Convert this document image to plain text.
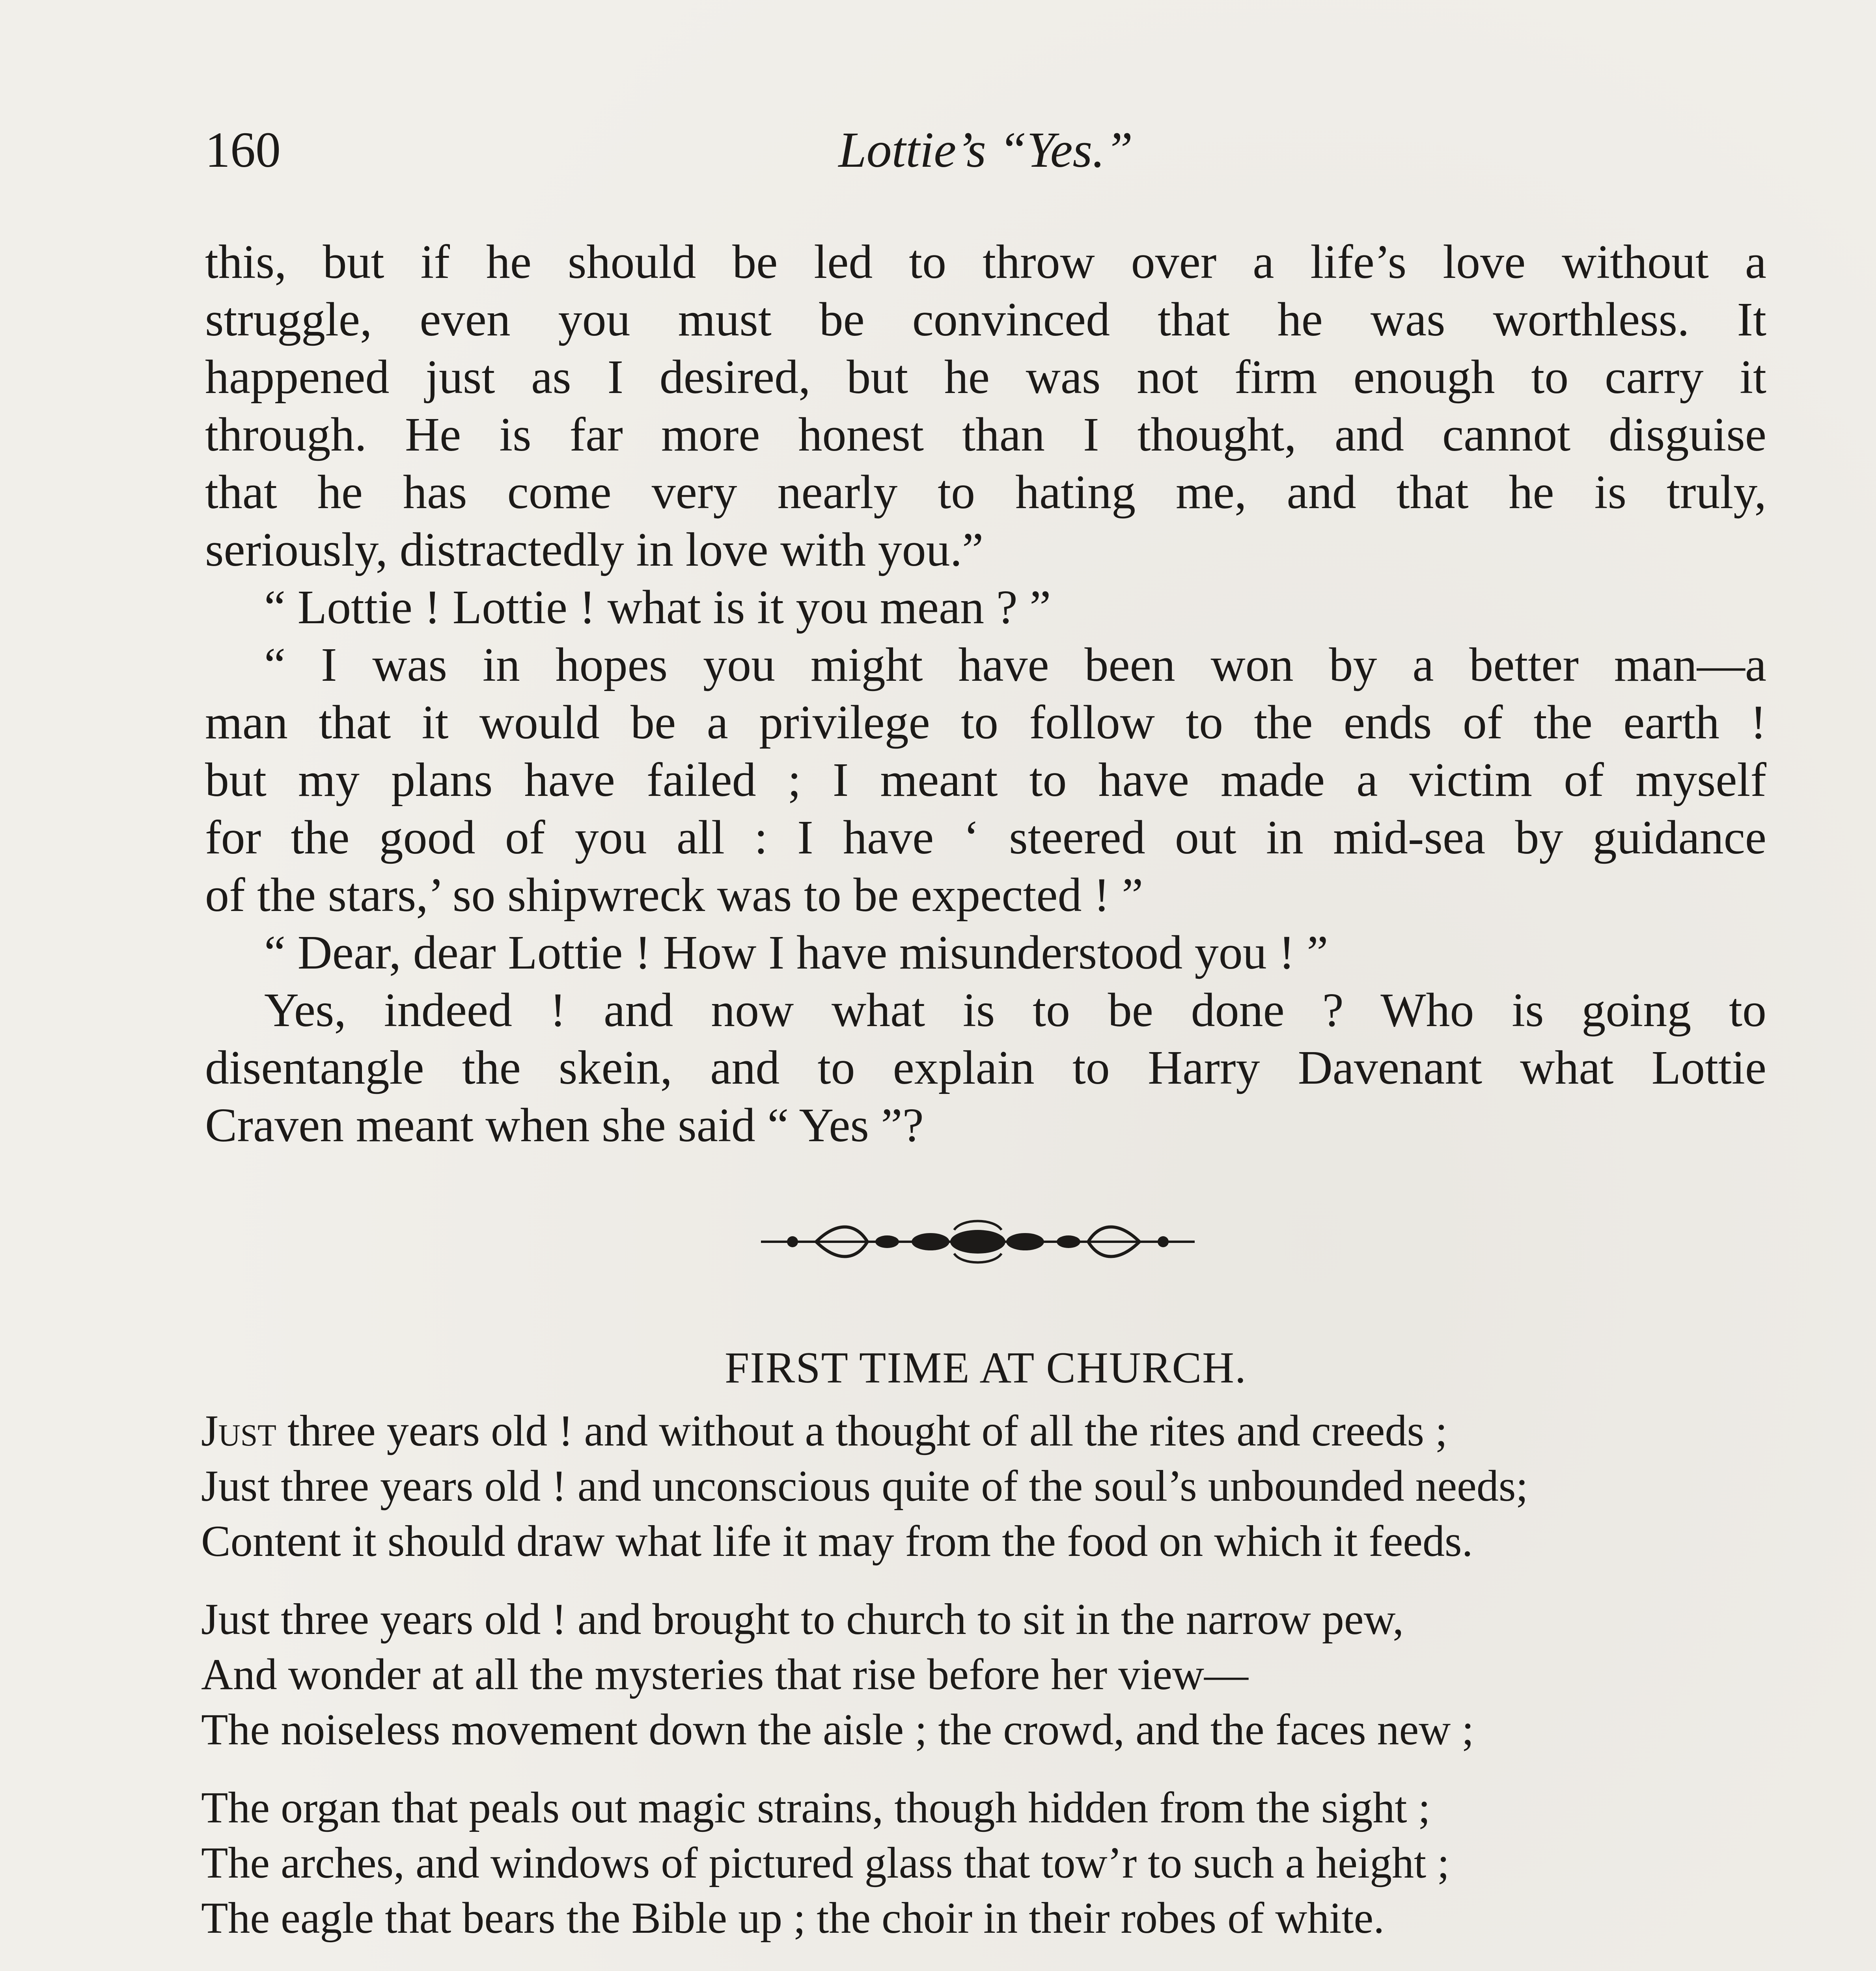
160	Lottie’s “Yes.”
this, but if he should be led to throw over a life’s love without a
struggle, even you must be convinced that he was worthless. It
happened just as I desired, but he was not firm enough to carry it
through. He is far more honest than I thought, and cannot disguise
that he has come very nearly to hating me, and that he is truly,
seriously, distractedly in love with you.”
“ Lottie ! Lottie ! what is it you mean ? ”
“ I was in hopes you might have been won by a better man—a
man that it would be a privilege to follow to the ends of the earth !
but my plans have failed ; I meant to have made a victim of myself
for the good of you all : I have ‘ steered out in mid-sea by guidance
of the stars,’ so shipwreck was to be expected ! ”
“ Dear, dear Lottie ! How I have misunderstood you ! ”
Yes, indeed ! and now what is to be done ? Who is going to
disentangle the skein, and to explain to Harry Davenant what Lottie
Craven meant when she said “ Yes ”?
FIRST TIME AT CHURCH.
Just three years old ! and without a thought of all the rites and creeds ;
Just three years old ! and unconscious quite of the soul’s unbounded needs;
Content it should draw what life it may from the food on which it feeds.
Just three years old ! and brought to church to sit in the narrow pew,
And wonder at all the mysteries that rise before her view—
The noiseless movement down the aisle ; the crowd, and the faces new ;
The organ that peals out magic strains, though hidden from the sight ;
The arches, and windows of pictured glass that tow’r to such a height ;
The eagle that bears the Bible up ; the choir in their robes of white.
